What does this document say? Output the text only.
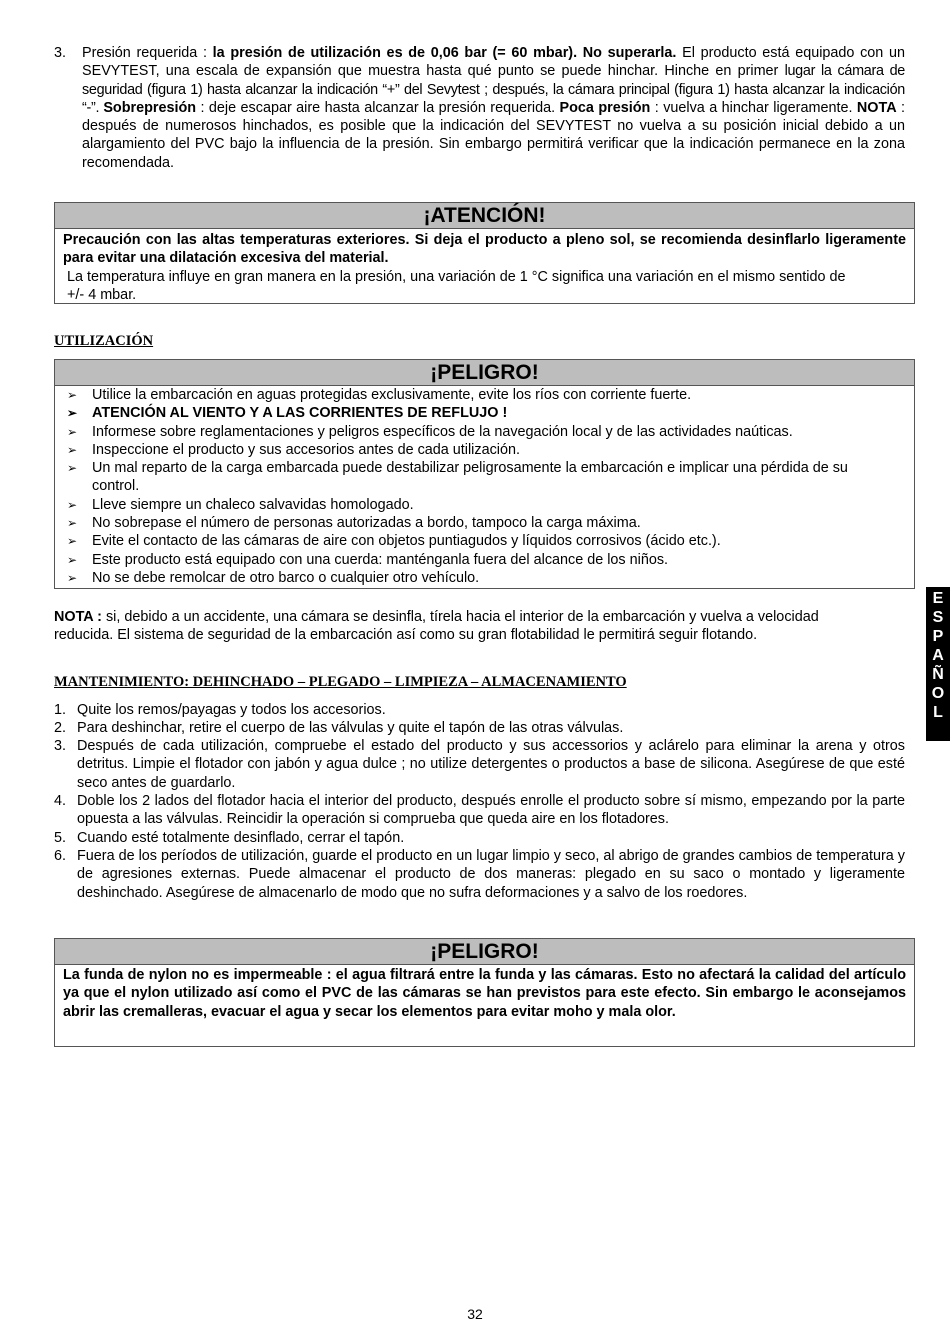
3. Presión requerida : la presión de utilización es de 0,06 bar (= 60 mbar). No superarla. El producto está equipado con un SEVYTEST, una escala de expansión que muestra hasta qué punto se puede hinchar. Hinche en primer lugar la cámara de seguridad (figura 1) hasta alcanzar la indicación “+” del Sevytest ; después, la cámara principal (figura 1) hasta alcanzar la indicación “-”. Sobrepresión : deje escapar aire hasta alcanzar la presión requerida. Poca presión : vuelva a hinchar ligeramente. NOTA : después de numerosos hinchados, es posible que la indicación del SEVYTEST no vuelva a su posición inicial debido a un alargamiento del PVC bajo la influencia de la presión. Sin embargo permitirá verificar que la indicación permanece en la zona recomendada.
¡ATENCIÓN!

Precaución con las altas temperaturas exteriores. Si deja el producto a pleno sol, se recomienda desinflarlo ligeramente para evitar una dilatación excesiva del material.

La temperatura influye en gran manera en la presión, una variación de 1 °C significa una variación en el mismo sentido de

+/- 4 mbar.

UTILIZACIÓN
¡PELIGRO!
➢ Utilice la embarcación en aguas protegidas exclusivamente, evite los ríos con corriente fuerte.
➢ ATENCIÓN AL VIENTO Y A LAS CORRIENTES DE REFLUJO !
➢ Informese sobre reglamentaciones y peligros específicos de la navegación local y de las actividades naúticas.
➢ Inspeccione el producto y sus accesorios antes de cada utilización.
➢ Un mal reparto de la carga embarcada puede destabilizar peligrosamente la embarcación e implicar una pérdida de su control.
➢ Lleve siempre un chaleco salvavidas homologado.
➢ No sobrepase el número de personas autorizadas a bordo, tampoco la carga máxima.
➢ Evite el contacto de las cámaras de aire con objetos puntiagudos y líquidos corrosivos (ácido etc.).
➢ Este producto está equipado con una cuerda: manténganla fuera del alcance de los niños.
➢ No se debe remolcar de otro barco o cualquier otro vehículo.
NOTA : si, debido a un accidente, una cámara se desinfla, tírela hacia el interior de la embarcación y vuelva a velocidad reducida. El sistema de seguridad de la embarcación así como su gran flotabilidad le permitirá seguir flotando.
MANTENIMIENTO: DEHINCHADO – PLEGADO – LIMPIEZA – ALMACENAMIENTO
1. Quite los remos/payagas y todos los accesorios.
2. Para deshinchar, retire el cuerpo de las válvulas y quite el tapón de las otras válvulas.
3. Después de cada utilización, compruebe el estado del producto y sus accessorios y aclárelo para eliminar la arena y otros detritus. Limpie el flotador con jabón y agua dulce ; no utilize detergentes o productos a base de silicona. Asegúrese de que esté seco antes de guardarlo.
4. Doble los 2 lados del flotador hacia el interior del producto, después enrolle el producto sobre sí mismo, empezando por la parte opuesta a las válvulas. Reincidir la operación si comprueba que queda aire en los flotadores.
5. Cuando esté totalmente desinflado, cerrar el tapón.
6. Fuera de los períodos de utilización, guarde el producto en un lugar limpio y seco, al abrigo de grandes cambios de temperatura y de agresiones externas. Puede almacenar el producto de dos maneras: plegado en su saco o montado y ligeramente deshinchado. Asegúrese de almacenarlo de modo que no sufra deformaciones y a salvo de los roedores.
¡PELIGRO!

La funda de nylon no es impermeable : el agua filtrará entre la funda y las cámaras. Esto no afectará la calidad del artículo ya que el nylon utilizado así como el PVC de las cámaras se han previstos para este efecto. Sin embargo le aconsejamos abrir las cremalleras, evacuar el agua y secar los elementos para evitar moho y mala olor.

E
S
P
A
Ñ
O
L
32
